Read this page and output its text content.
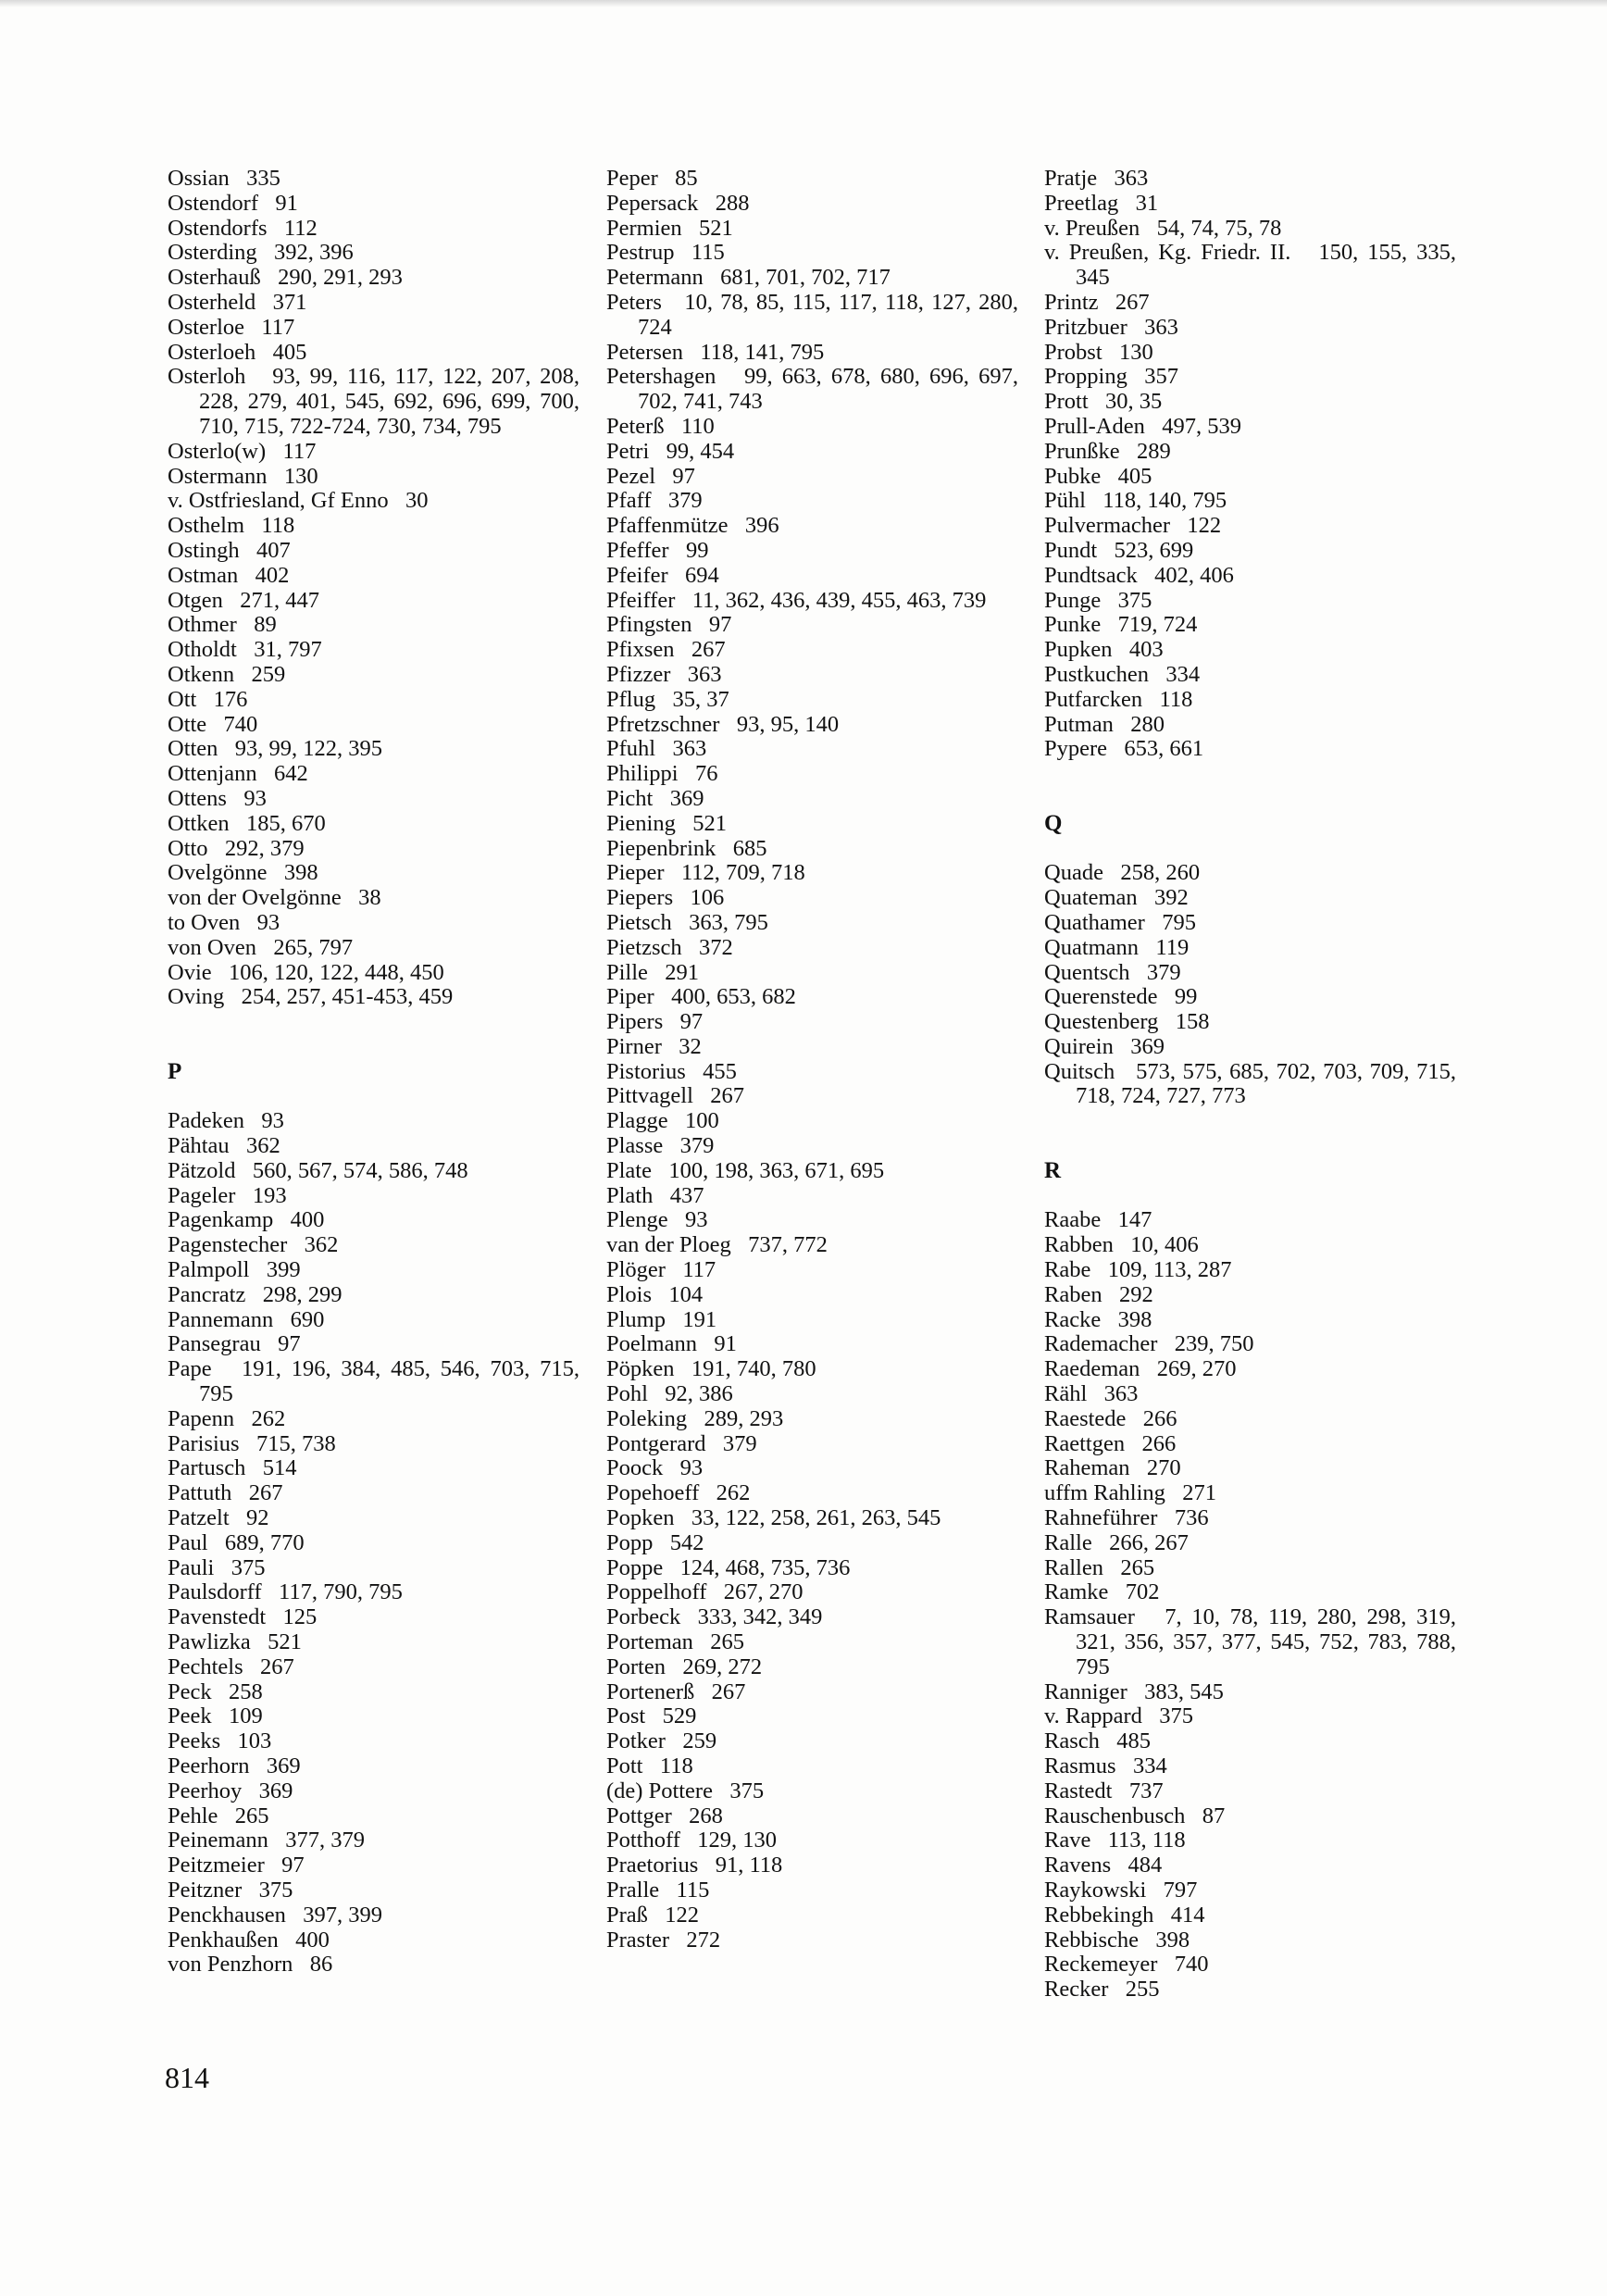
Ossian   335
Ostendorf   91
Ostendorfs   112
Osterding   392, 396
Osterhauß   290, 291, 293
Osterheld   371
Osterloe   117
Osterloeh   405
Osterloh   93, 99, 116, 117, 122, 207, 208, 228, 279, 401, 545, 692, 696, 699, 700, 710, 715, 722-724, 730, 734, 795
Osterlo(w)   117
Ostermann   130
v. Ostfriesland, Gf Enno   30
Osthelm   118
Ostingh   407
Ostman   402
Otgen   271, 447
Othmer   89
Otholdt   31, 797
Otkenn   259
Ott   176
Otte   740
Otten   93, 99, 122, 395
Ottenjann   642
Ottens   93
Ottken   185, 670
Otto   292, 379
Ovelgönne   398
von der Ovelgönne   38
to Oven   93
von Oven   265, 797
Ovie   106, 120, 122, 448, 450
Oving   254, 257, 451-453, 459
P
Padeken   93
Pähtau   362
Pätzold   560, 567, 574, 586, 748
Pageler   193
Pagenkamp   400
Pagenstecher   362
Palmpoll   399
Pancratz   298, 299
Pannemann   690
Pansegrau   97
Pape   191, 196, 384, 485, 546, 703, 715, 795
Papenn   262
Parisius   715, 738
Partusch   514
Pattuth   267
Patzelt   92
Paul   689, 770
Pauli   375
Paulsdorff   117, 790, 795
Pavenstedt   125
Pawlizka   521
Pechtels   267
Peck   258
Peek   109
Peeks   103
Peerhorn   369
Peerhoy   369
Pehle   265
Peinemann   377, 379
Peitzmeier   97
Peitzner   375
Penckhausen   397, 399
Penkhaußen   400
von Penzhorn   86
Peper   85
Pepersack   288
Permien   521
Pestrup   115
Petermann   681, 701, 702, 717
Peters   10, 78, 85, 115, 117, 118, 127, 280, 724
Petersen   118, 141, 795
Petershagen   99, 663, 678, 680, 696, 697, 702, 741, 743
Peterß   110
Petri   99, 454
Pezel   97
Pfaff   379
Pfaffenmütze   396
Pfeffer   99
Pfeifer   694
Pfeiffer   11, 362, 436, 439, 455, 463, 739
Pfingsten   97
Pfixsen   267
Pfizzer   363
Pflug   35, 37
Pfretzschner   93, 95, 140
Pfuhl   363
Philippi   76
Picht   369
Piening   521
Piepenbrink   685
Pieper   112, 709, 718
Piepers   106
Pietsch   363, 795
Pietzsch   372
Pille   291
Piper   400, 653, 682
Pipers   97
Pirner   32
Pistorius   455
Pittvagell   267
Plagge   100
Plasse   379
Plate   100, 198, 363, 671, 695
Plath   437
Plenge   93
van der Ploeg   737, 772
Plöger   117
Plois   104
Plump   191
Poelmann   91
Pöpken   191, 740, 780
Pohl   92, 386
Poleking   289, 293
Pontgerard   379
Poock   93
Popehoeff   262
Popken   33, 122, 258, 261, 263, 545
Popp   542
Poppe   124, 468, 735, 736
Poppelhoff   267, 270
Porbeck   333, 342, 349
Porteman   265
Porten   269, 272
Portenerß   267
Post   529
Potker   259
Pott   118
(de) Pottere   375
Pottger   268
Potthoff   129, 130
Praetorius   91, 118
Pralle   115
Praß   122
Praster   272
Pratje   363
Preetlag   31
v. Preußen   54, 74, 75, 78
v. Preußen, Kg. Friedr. II.   150, 155, 335, 345
Printz   267
Pritzbuer   363
Probst   130
Propping   357
Prott   30, 35
Prull-Aden   497, 539
Prunßke   289
Pubke   405
Pühl   118, 140, 795
Pulvermacher   122
Pundt   523, 699
Pundtsack   402, 406
Punge   375
Punke   719, 724
Pupken   403
Pustkuchen   334
Putfarcken   118
Putman   280
Pypere   653, 661
Q
Quade   258, 260
Quateman   392
Quathamer   795
Quatmann   119
Quentsch   379
Querenstede   99
Questenberg   158
Quirein   369
Quitsch   573, 575, 685, 702, 703, 709, 715, 718, 724, 727, 773
R
Raabe   147
Rabben   10, 406
Rabe   109, 113, 287
Raben   292
Racke   398
Rademacher   239, 750
Raedeman   269, 270
Rähl   363
Raestede   266
Raettgen   266
Raheman   270
uffm Rahling   271
Rahneführer   736
Ralle   266, 267
Rallen   265
Ramke   702
Ramsauer   7, 10, 78, 119, 280, 298, 319, 321, 356, 357, 377, 545, 752, 783, 788, 795
Ranniger   383, 545
v. Rappard   375
Rasch   485
Rasmus   334
Rastedt   737
Rauschenbusch   87
Rave   113, 118
Ravens   484
Raykowski   797
Rebbekingh   414
Rebbische   398
Reckemeyer   740
Recker   255
814
